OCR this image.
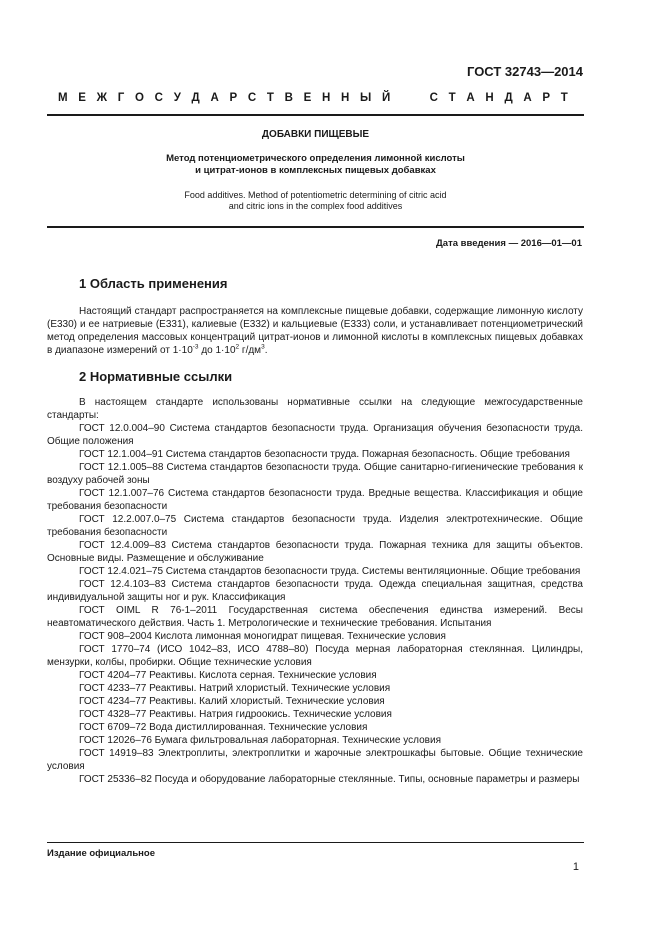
ГОСТ 32743—2014
М Е Ж Г О С У Д А Р С Т В Е Н Н Ы Й	С Т А Н Д А Р Т
ДОБАВКИ ПИЩЕВЫЕ
Метод потенциометрического определения лимонной кислоты
и цитрат-ионов в комплексных пищевых добавках
Food additives. Method of potentiometric determining of citric acid
and citric ions in the complex food additives
Дата введения — 2016—01—01
1 Область применения

Настоящий стандарт распространяется на комплексные пищевые добавки, содержащие лимонную кислоту (Е330) и ее натриевые (Е331), калиевые (Е332) и кальциевые (Е333) соли, и устанавливает потенциометрический метод определения массовых концентраций цитрат-ионов и лимонной кислоты в комплексных пищевых добавках в диапазоне измерений от $1\cdot 10^{-3}$ до $1\cdot 10^2$ $г/дм^3$.

2 Нормативные ссылки

В настоящем стандарте использованы нормативные ссылки на следующие межгосударственные стандарты:

ГОСТ 12.0.004–90 Система стандартов безопасности труда. Организация обучения безопасности труда. Общие положения

ГОСТ 12.1.004–91 Система стандартов безопасности труда. Пожарная безопасность. Общие требования

ГОСТ 12.1.005–88 Система стандартов безопасности труда. Общие санитарно-гигиенические требования к воздуху рабочей зоны

ГОСТ 12.1.007–76 Система стандартов безопасности труда. Вредные вещества. Классификация и общие требования безопасности

ГОСТ 12.2.007.0–75 Система стандартов безопасности труда. Изделия электротехнические. Общие требования безопасности

ГОСТ 12.4.009–83 Система стандартов безопасности труда. Пожарная техника для защиты объектов. Основные виды. Размещение и обслуживание

ГОСТ 12.4.021–75 Система стандартов безопасности труда. Системы вентиляционные. Общие требования

ГОСТ 12.4.103–83 Система стандартов безопасности труда. Одежда специальная защитная, средства индивидуальной защиты ног и рук. Классификация

ГОСТ OIML R 76-1–2011 Государственная система обеспечения единства измерений. Весы неавтоматического действия. Часть 1. Метрологические и технические требования. Испытания

ГОСТ 908–2004 Кислота лимонная моногидрат пищевая. Технические условия

ГОСТ 1770–74 (ИСО 1042–83, ИСО 4788–80) Посуда мерная лабораторная стеклянная. Цилиндры, мензурки, колбы, пробирки. Общие технические условия

ГОСТ 4204–77 Реактивы. Кислота серная. Технические условия

ГОСТ 4233–77 Реактивы. Натрий хлористый. Технические условия

ГОСТ 4234–77 Реактивы. Калий хлористый. Технические условия

ГОСТ 4328–77 Реактивы. Натрия гидроокись. Технические условия

ГОСТ 6709–72 Вода дистиллированная. Технические условия

ГОСТ 12026–76 Бумага фильтровальная лабораторная. Технические условия

ГОСТ 14919–83 Электроплиты, электроплитки и жарочные электрошкафы бытовые. Общие технические условия

ГОСТ 25336–82 Посуда и оборудование лабораторные стеклянные. Типы, основные параметры и размеры

Издание официальное
1
